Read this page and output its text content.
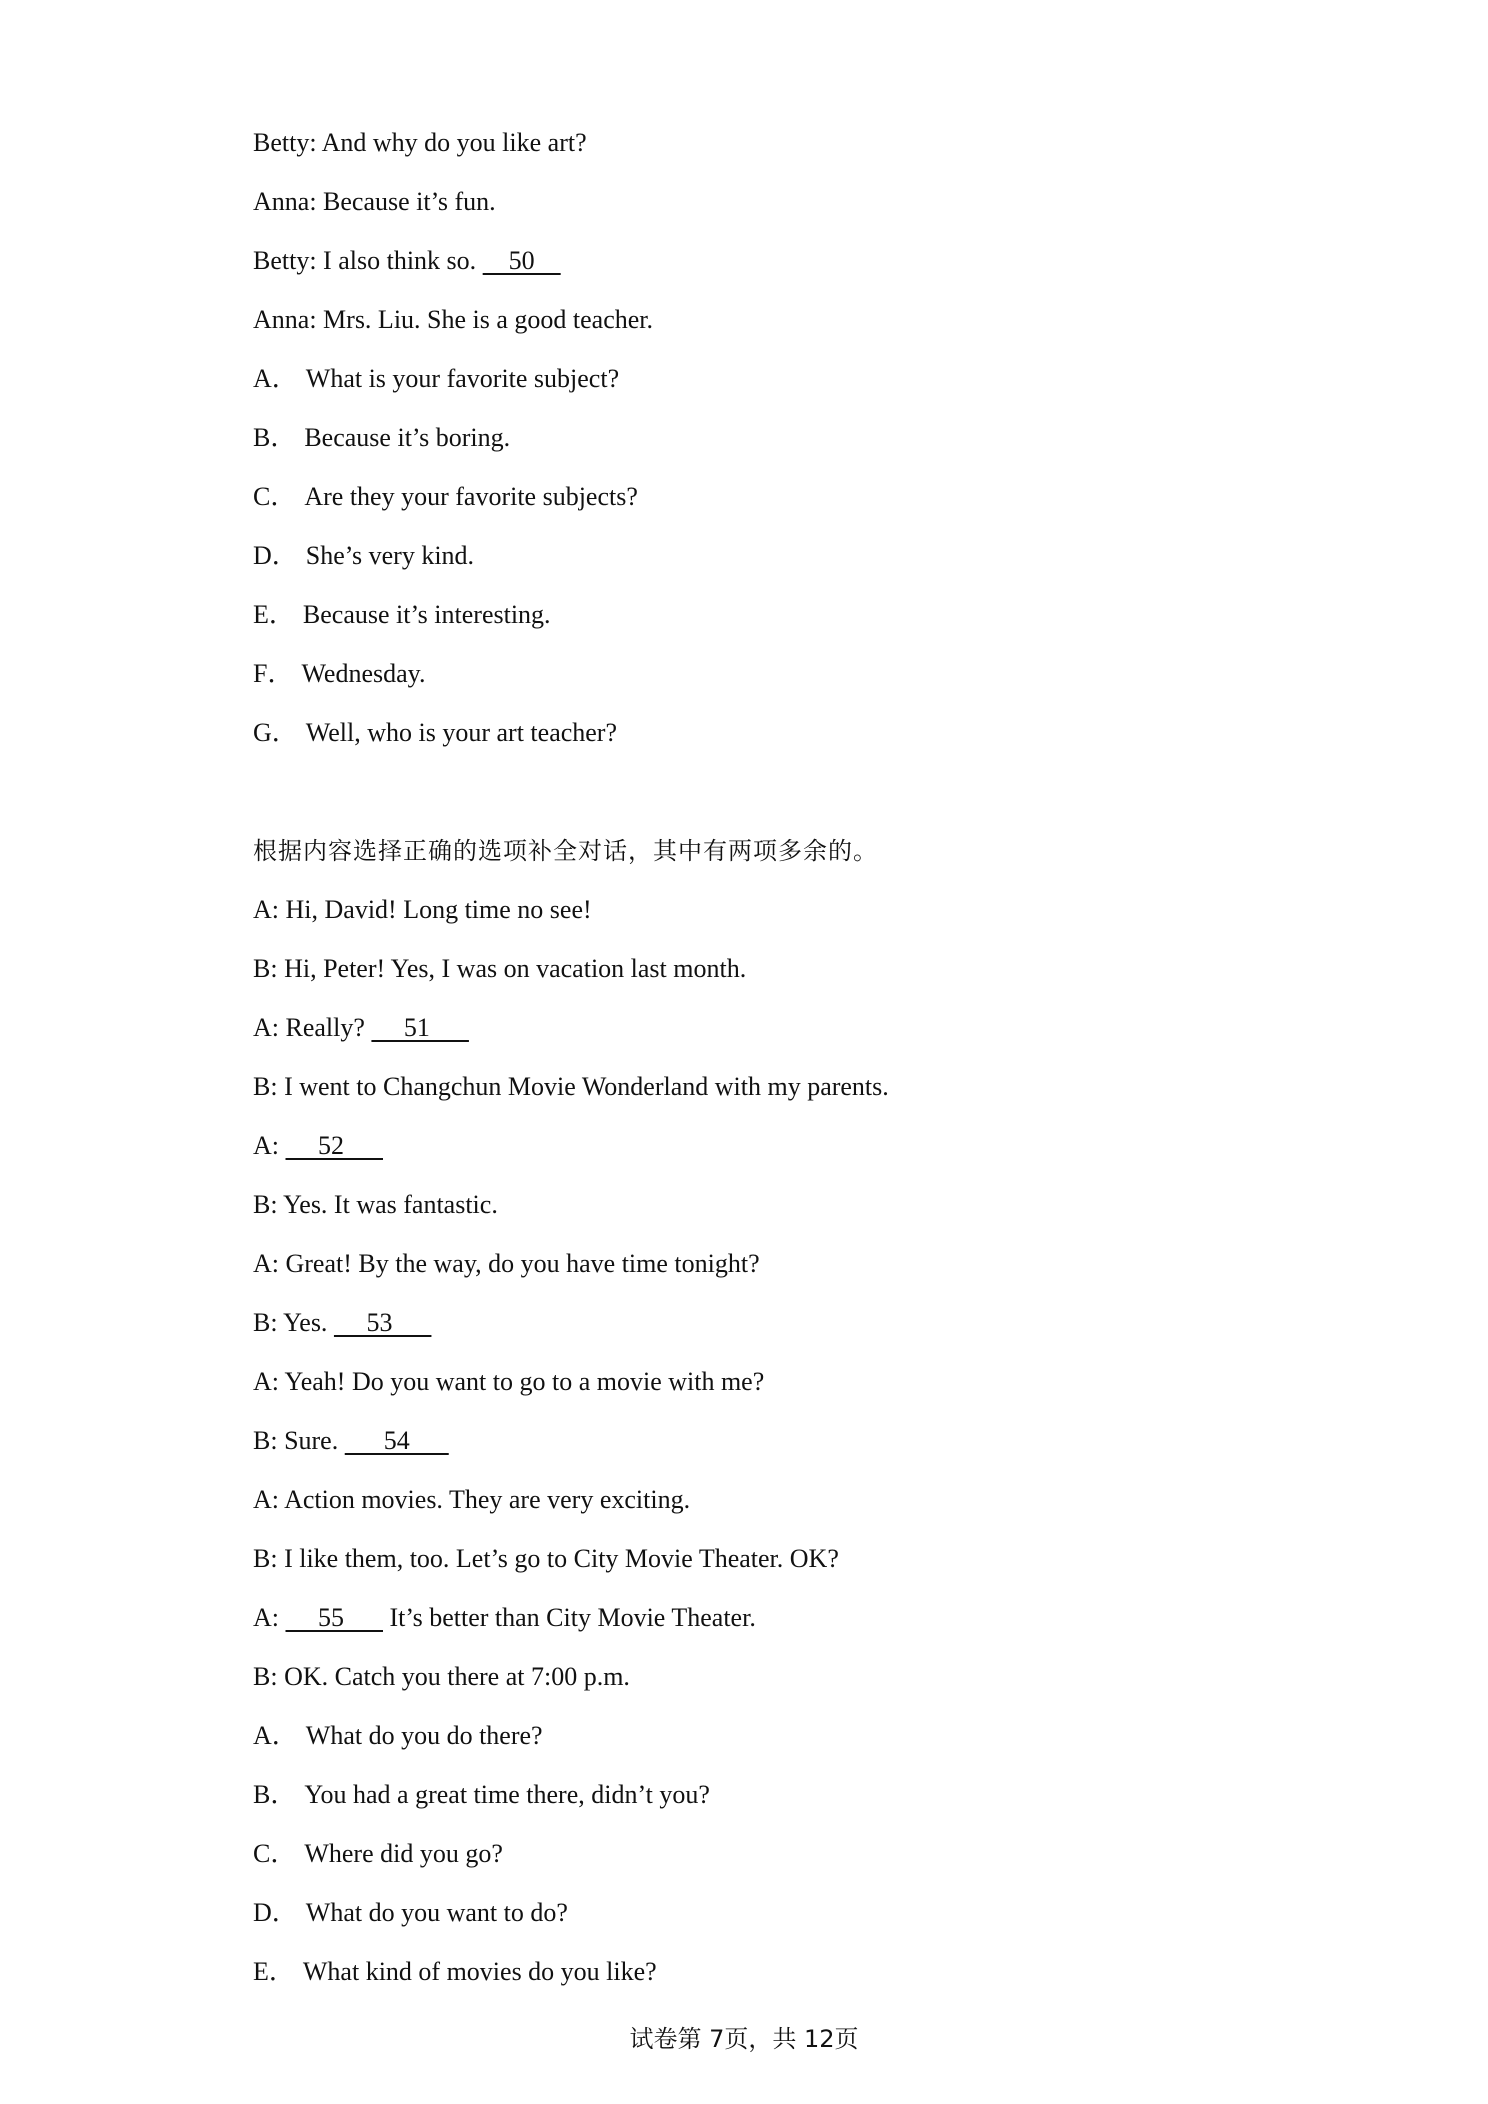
Betty: And why do you like art?
Anna: Because it’s fun.
Betty: I also think so.     50
Anna: Mrs. Liu. She is a good teacher.
A． What is your favorite subject?
B． Because it’s boring.
C． Are they your favorite subjects?
D． She’s very kind.
E． Because it’s interesting.
F． Wednesday.
G． Well, who is your art teacher?
根据内容选择正确的选项补全对话，其中有两项多余的。
A: Hi, David! Long time no see!
B: Hi, Peter! Yes, I was on vacation last month.
A: Really?      51
B: I went to Changchun Movie Wonderland with my parents.
A:      52
B: Yes. It was fantastic.
A: Great! By the way, do you have time tonight?
B: Yes.      53
A: Yeah! Do you want to go to a movie with me?
B: Sure.       54
A: Action movies. They are very exciting.
B: I like them, too. Let’s go to City Movie Theater. OK?
A:      55       It’s better than City Movie Theater.
B: OK. Catch you there at 7:00 p.m.
A． What do you do there?
B． You had a great time there, didn’t you?
C． Where did you go?
D． What do you want to do?
E． What kind of movies do you like?
试卷第 7页，共 12页
